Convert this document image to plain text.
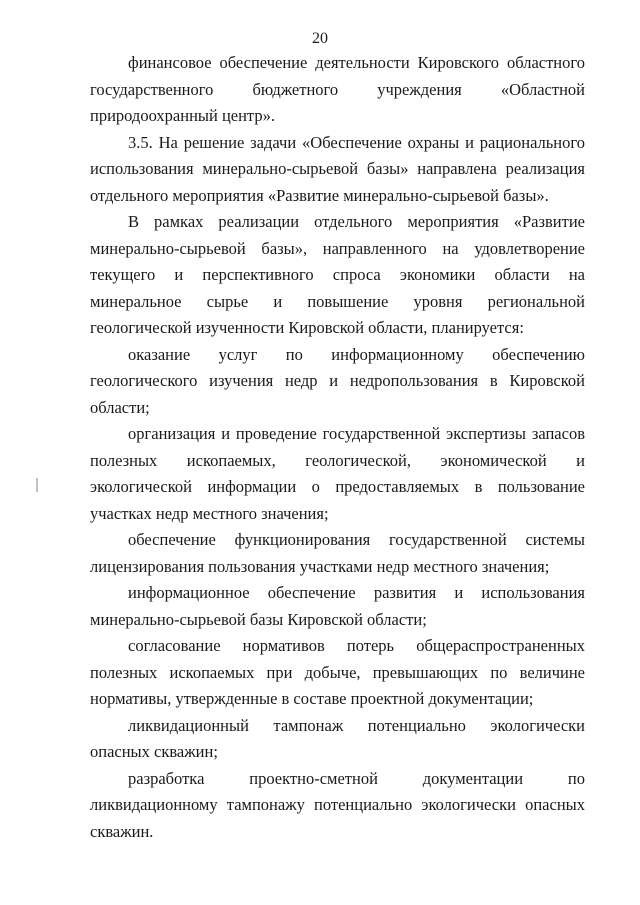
20

финансовое обеспечение деятельности Кировского областного государственного бюджетного учреждения «Областной природоохранный центр».

3.5. На решение задачи «Обеспечение охраны и рационального использования минерально-сырьевой базы» направлена реализация отдельного мероприятия «Развитие минерально-сырьевой базы».

В рамках реализации отдельного мероприятия «Развитие минерально-сырьевой базы», направленного на удовлетворение текущего и перспективного спроса экономики области на минеральное сырье и повышение уровня региональной геологической изученности Кировской области, планируется:

оказание услуг по информационному обеспечению геологического изучения недр и недропользования в Кировской области;

организация и проведение государственной экспертизы запасов полезных ископаемых, геологической, экономической и экологической информации о предоставляемых в пользование участках недр местного значения;

обеспечение функционирования государственной системы лицензирования пользования участками недр местного значения;

информационное обеспечение развития и использования минерально-сырьевой базы Кировской области;

согласование нормативов потерь общераспространенных полезных ископаемых при добыче, превышающих по величине нормативы, утвержденные в составе проектной документации;

ликвидационный тампонаж потенциально экологически опасных скважин;

разработка проектно-сметной документации по ликвидационному тампонажу потенциально экологически опасных скважин.
